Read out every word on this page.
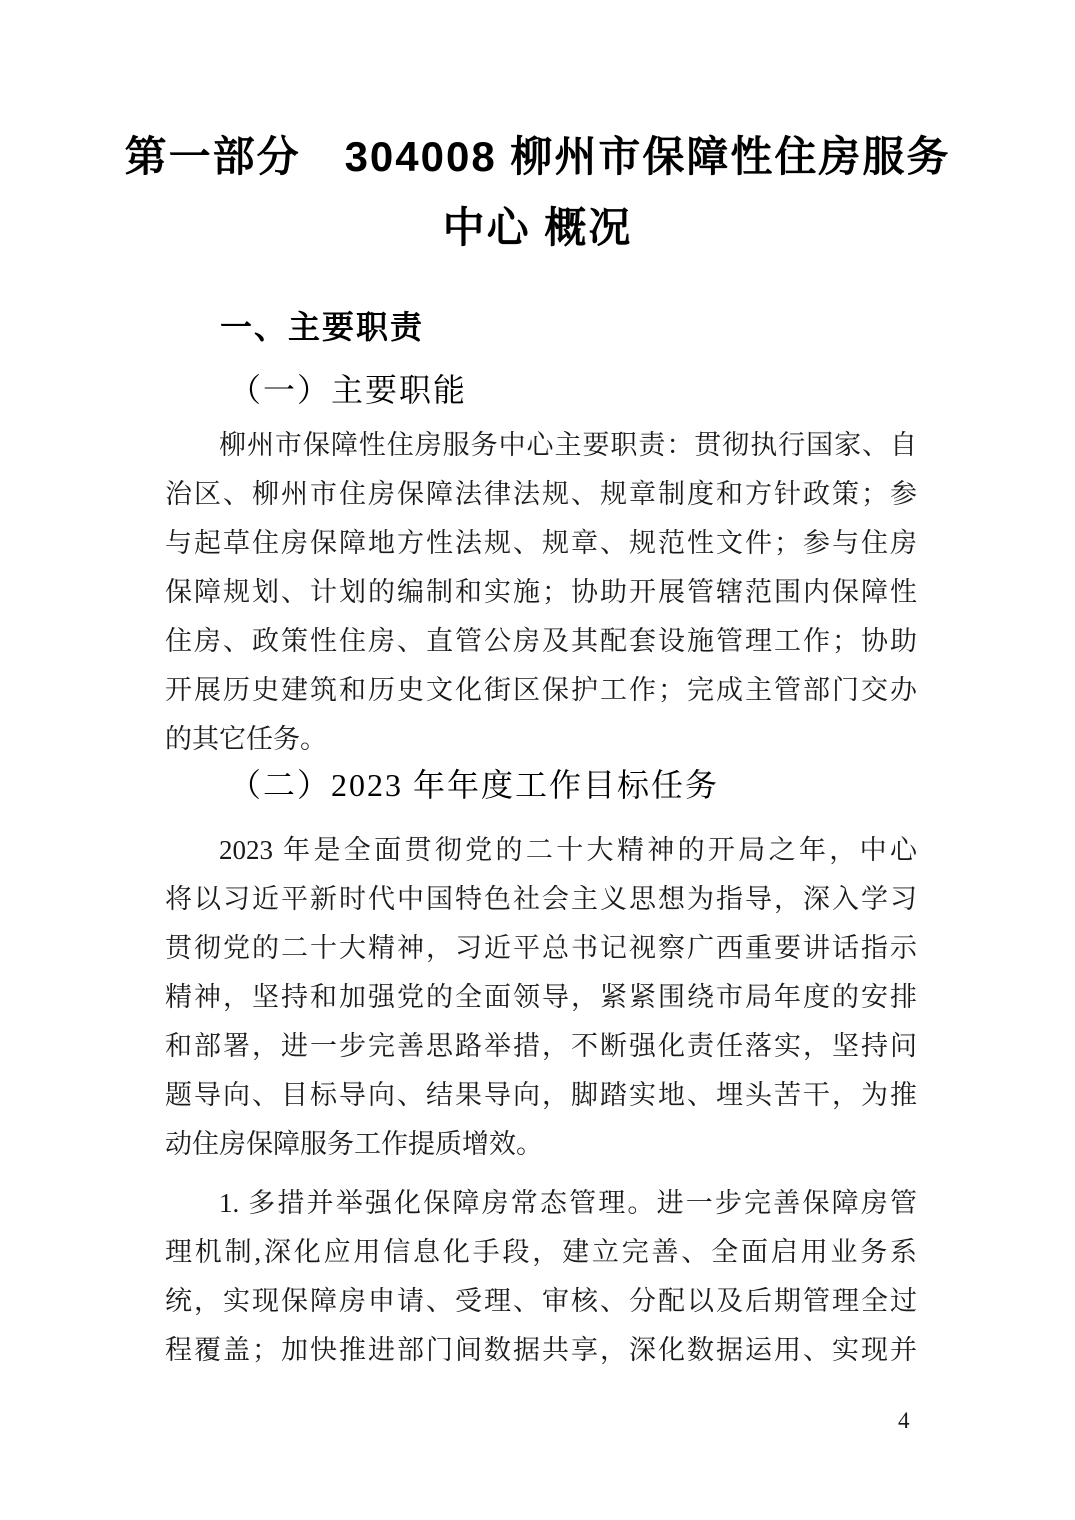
第一部分　304008 柳州市保障性住房服务
中心 概况
一、主要职责
（一）主要职能
柳州市保障性住房服务中心主要职责：贯彻执行国家、自
治区、柳州市住房保障法律法规、规章制度和方针政策；参
与起草住房保障地方性法规、规章、规范性文件；参与住房
保障规划、计划的编制和实施；协助开展管辖范围内保障性
住房、政策性住房、直管公房及其配套设施管理工作；协助
开展历史建筑和历史文化街区保护工作；完成主管部门交办
的其它任务。
（二）2023 年年度工作目标任务
2023 年是全面贯彻党的二十大精神的开局之年，中心
将以习近平新时代中国特色社会主义思想为指导，深入学习
贯彻党的二十大精神，习近平总书记视察广西重要讲话指示
精神，坚持和加强党的全面领导，紧紧围绕市局年度的安排
和部署，进一步完善思路举措，不断强化责任落实，坚持问
题导向、目标导向、结果导向，脚踏实地、埋头苦干，为推
动住房保障服务工作提质增效。
1. 多措并举强化保障房常态管理。进一步完善保障房管
理机制,深化应用信息化手段，建立完善、全面启用业务系
统，实现保障房申请、受理、审核、分配以及后期管理全过
程覆盖；加快推进部门间数据共享，深化数据运用、实现并
4
